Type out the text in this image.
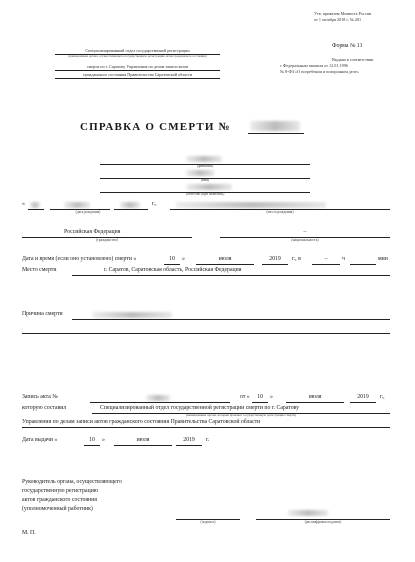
Утв. приказом Минюста России
от 1 октября 2018 г. № 201
Форма № 11
Выдана в соответствии
с Федеральным законом от 12.01.1996
№ 8-ФЗ «О погребении и похоронном деле»
Специализированный отдел государственной регистрации
(наименование органа, осуществляющего государственную регистрацию актов гражданского состояния)
смерти по г. Саратову Управления по делам записи актов
гражданского состояния Правительства Саратовской области
СПРАВКА О СМЕРТИ №
(фамилия)
(имя)
(отчество (при наличии))
«	г.,
(дата рождения)	(место рождения)
Российская Федерация
(гражданство)
–
(национальность)
Дата и время (если оно установлено) смерти «	10	»	июля	2019	г., в	–	ч	мин
Место смерти	г. Саратов, Саратовская область, Российская Федерация
Причина смерти
Запись акта №	от «	10	»	июля	2019	г.,
которую составил	Специализированный отдел государственной регистрации смерти по г. Саратову
(наименование органа, который произвел государственную регистрацию смерти)
Управления по делам записи актов гражданского состояния Правительства Саратовской области
Дата выдачи «	10	»	июля	2019	г.
Руководитель органа, осуществляющего
государственную регистрацию
актов гражданского состояния
(уполномоченный работник)
(подпись)	(расшифровка подписи)
М. П.
